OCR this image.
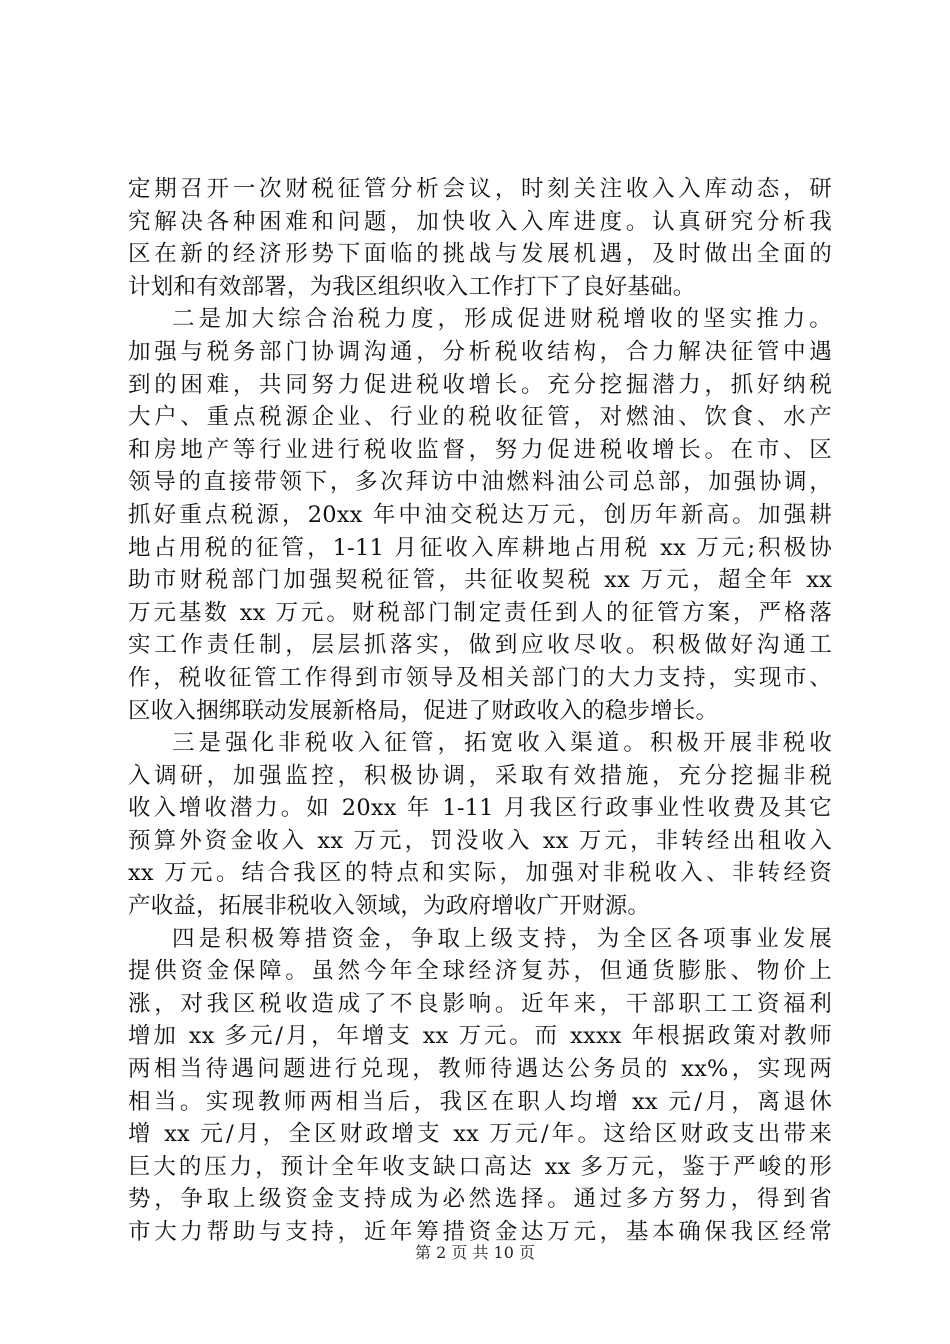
定期召开一次财税征管分析会议，时刻关注收入入库动态，研
究解决各种困难和问题，加快收入入库进度。认真研究分析我
区在新的经济形势下面临的挑战与发展机遇，及时做出全面的
计划和有效部署，为我区组织收入工作打下了良好基础。
二是加大综合治税力度，形成促进财税增收的坚实推力。
加强与税务部门协调沟通，分析税收结构，合力解决征管中遇
到的困难，共同努力促进税收增长。充分挖掘潜力，抓好纳税
大户、重点税源企业、行业的税收征管，对燃油、饮食、水产
和房地产等行业进行税收监督，努力促进税收增长。在市、区
领导的直接带领下，多次拜访中油燃料油公司总部，加强协调，
抓好重点税源，20xx 年中油交税达万元，创历年新高。加强耕
地占用税的征管，1-11 月征收入库耕地占用税 xx 万元;积极协
助市财税部门加强契税征管，共征收契税 xx 万元，超全年 xx
万元基数 xx 万元。财税部门制定责任到人的征管方案，严格落
实工作责任制，层层抓落实，做到应收尽收。积极做好沟通工
作，税收征管工作得到市领导及相关部门的大力支持，实现市、
区收入捆绑联动发展新格局，促进了财政收入的稳步增长。
三是强化非税收入征管，拓宽收入渠道。积极开展非税收
入调研，加强监控，积极协调，采取有效措施，充分挖掘非税
收入增收潜力。如 20xx 年 1-11 月我区行政事业性收费及其它
预算外资金收入 xx 万元，罚没收入 xx 万元，非转经出租收入
xx 万元。结合我区的特点和实际，加强对非税收入、非转经资
产收益，拓展非税收入领域，为政府增收广开财源。
四是积极筹措资金，争取上级支持，为全区各项事业发展
提供资金保障。虽然今年全球经济复苏，但通货膨胀、物价上
涨，对我区税收造成了不良影响。近年来，干部职工工资福利
增加 xx 多元/月，年增支 xx 万元。而 xxxx 年根据政策对教师
两相当待遇问题进行兑现，教师待遇达公务员的 xx%，实现两
相当。实现教师两相当后，我区在职人均增 xx 元/月，离退休
增 xx 元/月，全区财政增支 xx 万元/年。这给区财政支出带来
巨大的压力，预计全年收支缺口高达 xx 多万元，鉴于严峻的形
势，争取上级资金支持成为必然选择。通过多方努力，得到省
市大力帮助与支持，近年筹措资金达万元，基本确保我区经常
第 2 页 共 10 页
